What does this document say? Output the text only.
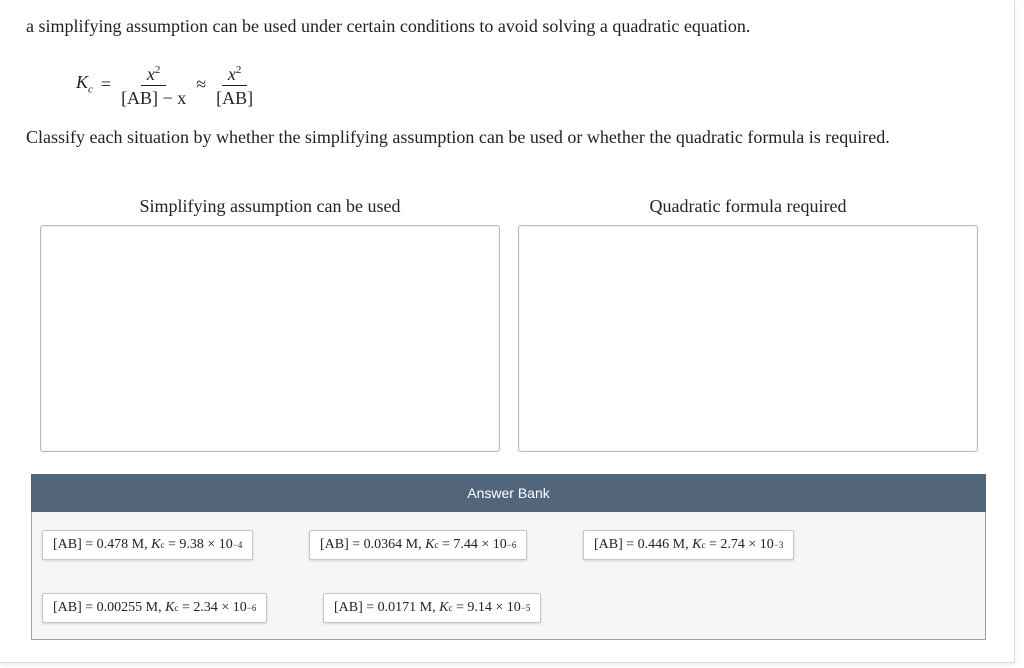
a simplifying assumption can be used under certain conditions to avoid solving a quadratic equation.
$K_c = \frac{x^2}{[AB] - x} \approx \frac{x^2}{[AB]}$
Classify each situation by whether the simplifying assumption can be used or whether the quadratic formula is required.
Simplifying assumption can be used	Quadratic formula required
Answer Bank
[AB] = 0.478 M,
K c
= 9.38 × 10 −4	[AB] = 0.0364 M,
K c
= 7.44 × 10 −6	[AB] = 0.446 M,
K c
= 2.74 × 10 −3
[AB] = 0.00255 M,
K c
= 2.34 × 10 −6	[AB] = 0.0171 M,
K c
= 9.14 × 10 −5
